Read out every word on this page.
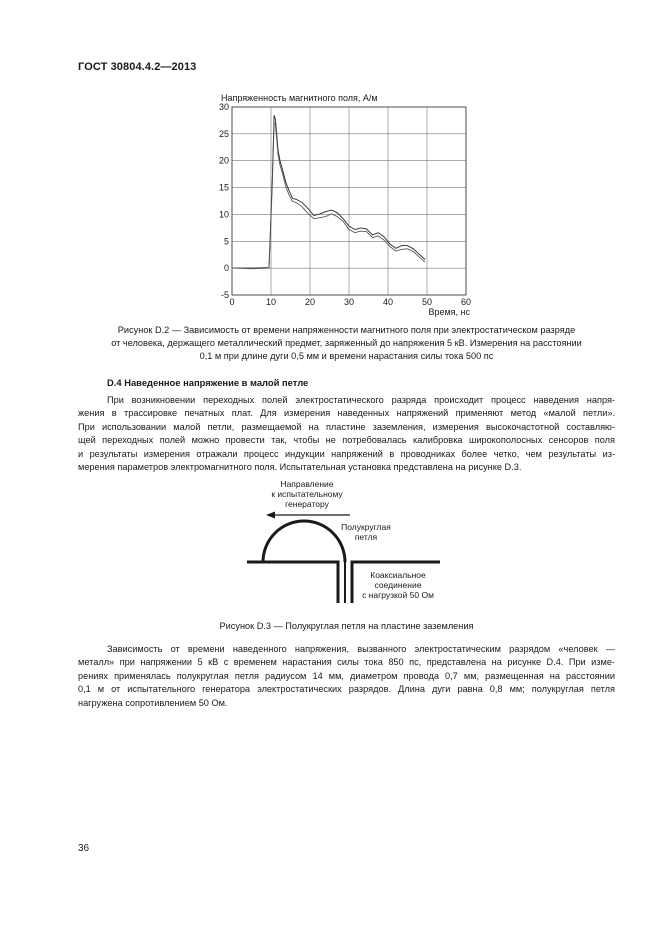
ГОСТ 30804.4.2—2013
0	10	20	30	40	50	60
-5
0
5
10
15
20
25
30
Напряженность магнитного поля, А/м
Время, нс
Рисунок D.2 — Зависимость от времени напряженности магнитного поля при электростатическом разряде
от человека, держащего металлический предмет, заряженный до напряжения 5 кВ. Измерения на расстоянии
0,1 м при длине дуги 0,5 мм и времени нарастания силы тока 500 пс
D.4 Наведенное напряжение в малой петле
При возникновении переходных полей электростатического разряда происходит процесс наведения напря-
жения в трассировке печатных плат. Для измерения наведенных напряжений применяют метод «малой петли».
При использовании малой петли, размещаемой на пластине заземления, измерения высокочастотной составляю-
щей переходных полей можно провести так, чтобы не потребовалась калибровка широкополосных сенсоров поля
и результаты измерения отражали процесс индукции напряжений в проводниках более четко, чем результаты из-
мерения параметров электромагнитного поля. Испытательная установка представлена на рисунке D.3.
Направление
к испытательному
генератору
Полукруглая
петля
Коаксиальное
соединение
с нагрузкой 50 Ом
Рисунок D.3 — Полукруглая петля на пластине заземления
Зависимость от времени наведенного напряжения, вызванного электростатическим разрядом «человек —
металл» при напряжении 5 кВ с временем нарастания силы тока 850 пс, представлена на рисунке D.4. При изме-
рениях применялась полукруглая петля радиусом 14 мм, диаметром провода 0,7 мм, размещенная на расстоянии
0,1 м от испытательного генератора электростатических разрядов. Длина дуги равна 0,8 мм; полукруглая петля
нагружена сопротивлением 50 Ом.
36
